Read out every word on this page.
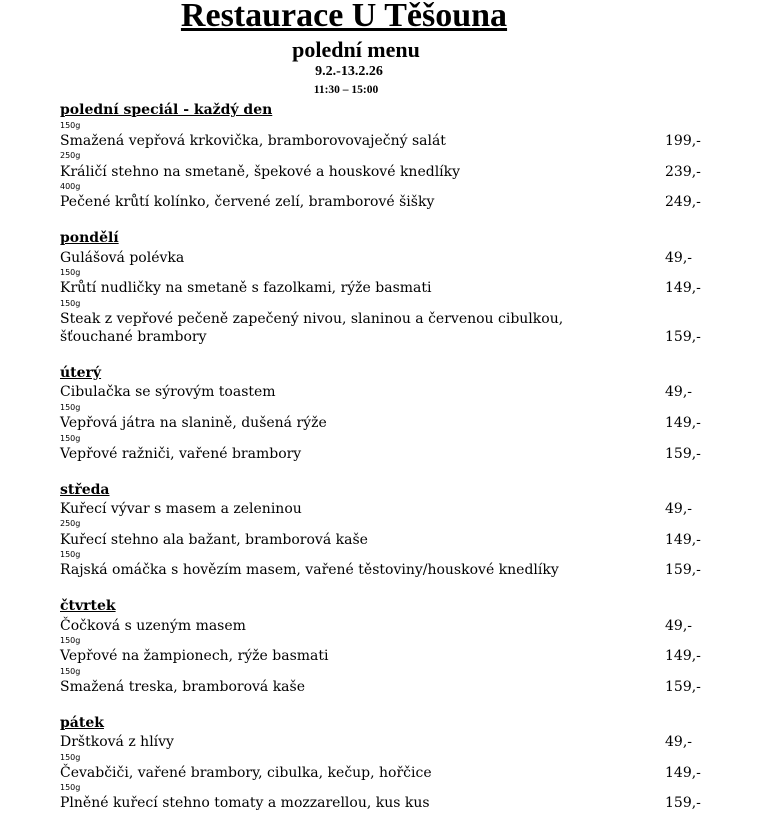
Restaurace U Těšouna
polední menu
9.2.-13.2.26
11:30 – 15:00
polední speciál - každý den
150g
Smažená vepřová krkovička, bramborovovaječný salát	199,-
250g
Králičí stehno na smetaně, špekové a houskové knedlíky	239,-
400g
Pečené krůtí kolínko, červené zelí, bramborové šišky	249,-
pondělí
Gulášová polévka	49,-
150g
Krůtí nudličky na smetaně s fazolkami, rýže basmati	149,-
150g
Steak z vepřové pečeně zapečený nivou, slaninou a červenou cibulkou,
šťouchané brambory	159,-
úterý
Cibulačka se sýrovým toastem	49,-
150g
Vepřová játra na slanině, dušená rýže	149,-
150g
Vepřové ražniči, vařené brambory	159,-
středa
Kuřecí vývar s masem a zeleninou	49,-
250g
Kuřecí stehno ala bažant, bramborová kaše	149,-
150g
Rajská omáčka s hovězím masem, vařené těstoviny/houskové knedlíky	159,-
čtvrtek
Čočková s uzeným masem	49,-
150g
Vepřové na žampionech, rýže basmati	149,-
150g
Smažená treska, bramborová kaše	159,-
pátek
Drštková z hlívy	49,-
150g
Čevabčiči, vařené brambory, cibulka, kečup, hořčice	149,-
150g
Plněné kuřecí stehno tomaty a mozzarellou, kus kus	159,-
